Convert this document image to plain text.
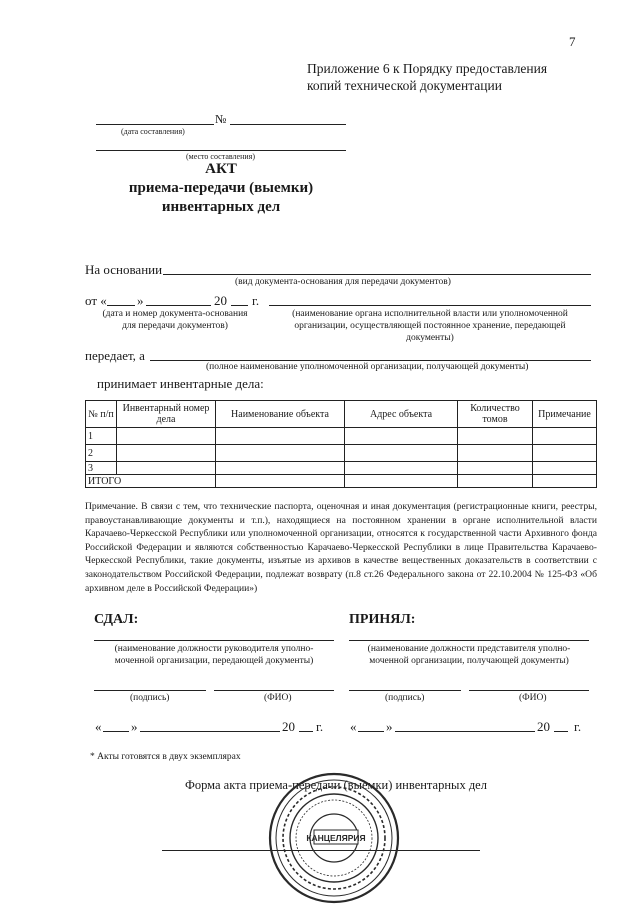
7
Приложение 6 к Порядку предоставления
копий технической документации
№
(дата составления)
(место составления)
АКТ
приема-передачи (выемки)
инвентарных дел
На основании
(вид документа-основания для передачи документов)
от « »	20 г.
(дата и номер документа-основания
для передачи документов)
(наименование органа исполнительной власти или уполномоченной
организации, осуществляющей постоянное хранение, передающей
документы)
передает, а
(полное наименование уполномоченной организации, получающей документы)
принимает инвентарные дела:
№ п/п	Инвентарный номер дела	Наименование объекта	Адрес объекта	Количество томов	Примечание
1					
2					
3					
ИТОГО					
Примечание. В связи с тем, что технические паспорта, оценочная и иная документация (регистрационные книги, реестры, правоустанавливающие документы и т.п.), находящиеся на постоянном хранении в органе исполнительной власти Карачаево-Черкесской Республики или уполномоченной организации, относятся к государственной части Архивного фонда Российской Федерации и являются собственностью Карачаево-Черкесской Республики в лице Правительства Карачаево-Черкесской Республики, такие документы, изъятые из архивов в качестве вещественных доказательств в соответствии с законодательством Российской Федерации, подлежат возврату (п.8 ст.26 Федерального закона от 22.10.2004 № 125-ФЗ «Об архивном деле в Российской Федерации»)
СДАЛ:
(наименование должности руководителя уполно-
моченной организации, передающей документы)
(подпись)	(ФИО)
« »	20 г.
ПРИНЯЛ:
(наименование должности представителя уполно-
моченной организации, получающей документы)
(подпись)	(ФИО)
« »	20 г.
* Акты готовятся в двух экземплярах
Форма акта приема-передачи (выемки) инвентарных дел
КАНЦЕЛЯРИЯ
